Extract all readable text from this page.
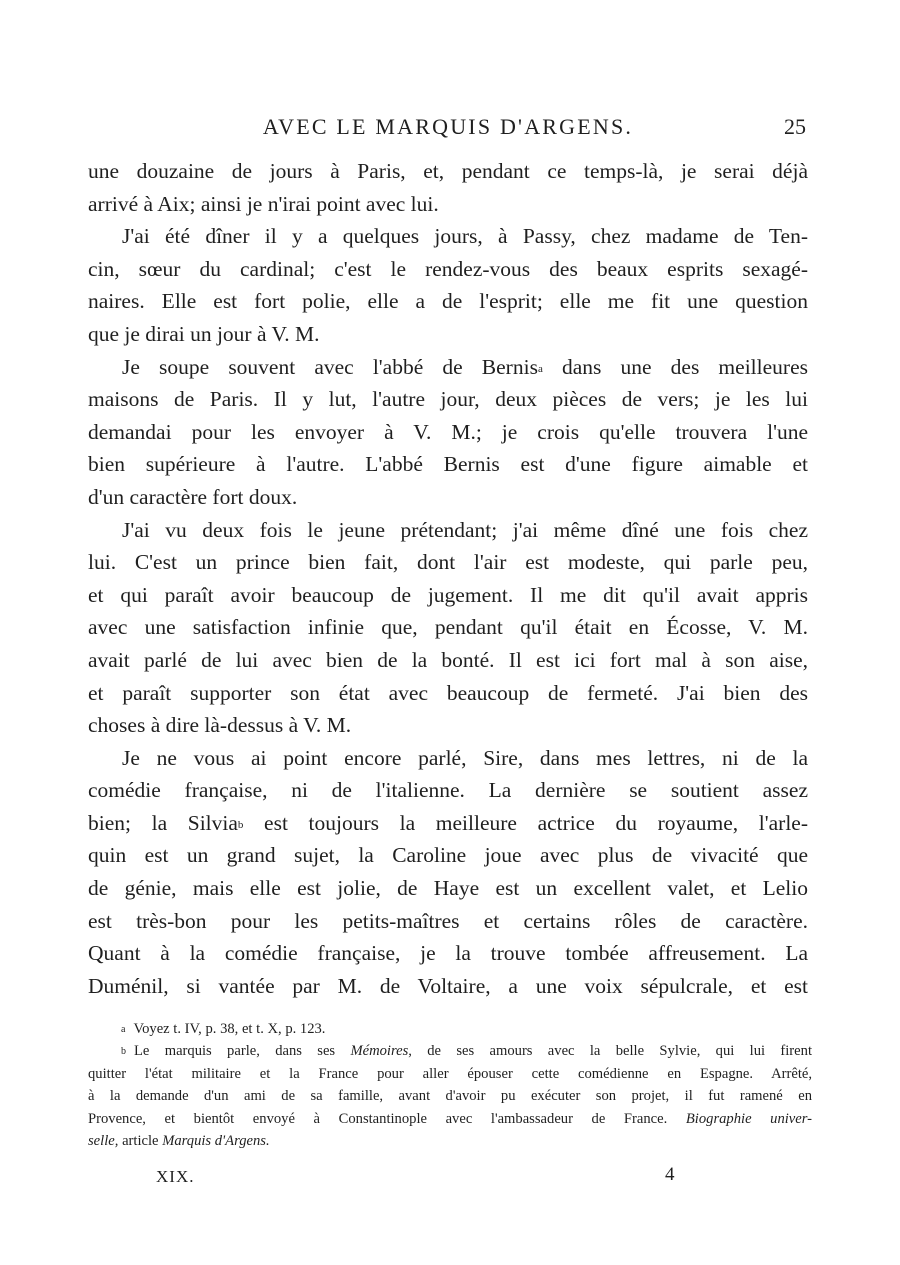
AVEC LE MARQUIS D'ARGENS.	25

une douzaine de jours à Paris, et, pendant ce temps-là, je serai déjà
arrivé à Aix; ainsi je n'irai point avec lui.

J'ai été dîner il y a quelques jours, à Passy, chez madame de Ten-
cin, sœur du cardinal; c'est le rendez-vous des beaux esprits sexagé-
naires. Elle est fort polie, elle a de l'esprit; elle me fit une question
que je dirai un jour à V. M.

Je soupe souvent avec l'abbé de Bernis$^a$ dans une des meilleures
maisons de Paris. Il y lut, l'autre jour, deux pièces de vers; je les lui
demandai pour les envoyer à V. M.; je crois qu'elle trouvera l'une
bien supérieure à l'autre. L'abbé Bernis est d'une figure aimable et
d'un caractère fort doux.

J'ai vu deux fois le jeune prétendant; j'ai même dîné une fois chez
lui. C'est un prince bien fait, dont l'air est modeste, qui parle peu,
et qui paraît avoir beaucoup de jugement. Il me dit qu'il avait appris
avec une satisfaction infinie que, pendant qu'il était en Écosse, V. M.
avait parlé de lui avec bien de la bonté. Il est ici fort mal à son aise,
et paraît supporter son état avec beaucoup de fermeté. J'ai bien des
choses à dire là-dessus à V. M.

Je ne vous ai point encore parlé, Sire, dans mes lettres, ni de la
comédie française, ni de l'italienne. La dernière se soutient assez
bien; la Silvia$^b$ est toujours la meilleure actrice du royaume, l'arle-
quin est un grand sujet, la Caroline joue avec plus de vivacité que
de génie, mais elle est jolie, de Haye est un excellent valet, et Lelio
est très-bon pour les petits-maîtres et certains rôles de caractère.
Quant à la comédie française, je la trouve tombée affreusement. La
Duménil, si vantée par M. de Voltaire, a une voix sépulcrale, et est

$^a$ Voyez t. IV, p. 38, et t. X, p. 123.
$^b$ Le marquis parle, dans ses Mémoires, de ses amours avec la belle Sylvie, qui lui firent
quitter l'état militaire et la France pour aller épouser cette comédienne en Espagne. Arrêté,
à la demande d'un ami de sa famille, avant d'avoir pu exécuter son projet, il fut ramené en
Provence, et bientôt envoyé à Constantinople avec l'ambassadeur de France. Biographie univer-
selle, article Marquis d'Argens.
XIX.	4
